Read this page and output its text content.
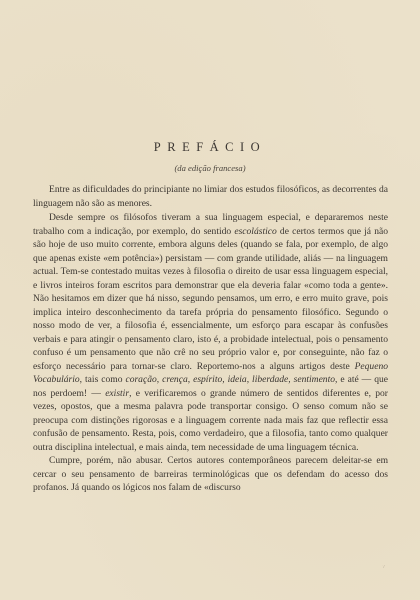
PREFÁCIO
(da edição francesa)

Entre as dificuldades do principiante no limiar dos estudos filosóficos, as decorrentes da linguagem não são as menores.

Desde sempre os filósofos tiveram a sua linguagem especial, e depararemos neste trabalho com a indicação, por exemplo, do sentido escolástico de certos termos que já não são hoje de uso muito corrente, embora alguns deles (quando se fala, por exemplo, de algo que apenas existe «em potência») persistam — com grande utilidade, aliás — na linguagem actual. Tem-se contestado muitas vezes à filosofia o direito de usar essa linguagem especial, e livros inteiros foram escritos para demonstrar que ela deveria falar «como toda a gente». Não hesitamos em dizer que há nisso, segundo pensamos, um erro, e erro muito grave, pois implica inteiro desconhecimento da tarefa própria do pensamento filosófico. Segundo o nosso modo de ver, a filosofia é, essencialmente, um esforço para escapar às confusões verbais e para atingir o pensamento claro, isto é, a probidade intelectual, pois o pensamento confuso é um pensamento que não crê no seu próprio valor e, por conseguinte, não faz o esforço necessário para tornar-se claro. Reportemo-nos a alguns artigos deste Pequeno Vocabulário, tais como coração, crença, espírito, ideia, liberdade, sentimento, e até — que nos perdoem! — existir, e verificaremos o grande número de sentidos diferentes e, por vezes, opostos, que a mesma palavra pode transportar consigo. O senso comum não se preocupa com distinções rigorosas e a linguagem corrente nada mais faz que reflectir essa confusão de pensamento. Resta, pois, como verdadeiro, que a filosofia, tanto como qualquer outra disciplina intelectual, e mais ainda, tem necessidade de uma linguagem técnica.

Cumpre, porém, não abusar. Certos autores contemporâneos parecem deleitar-se em cercar o seu pensamento de barreiras terminológicas que os defendam do acesso dos profanos. Já quando os lógicos nos falam de «discurso

7
